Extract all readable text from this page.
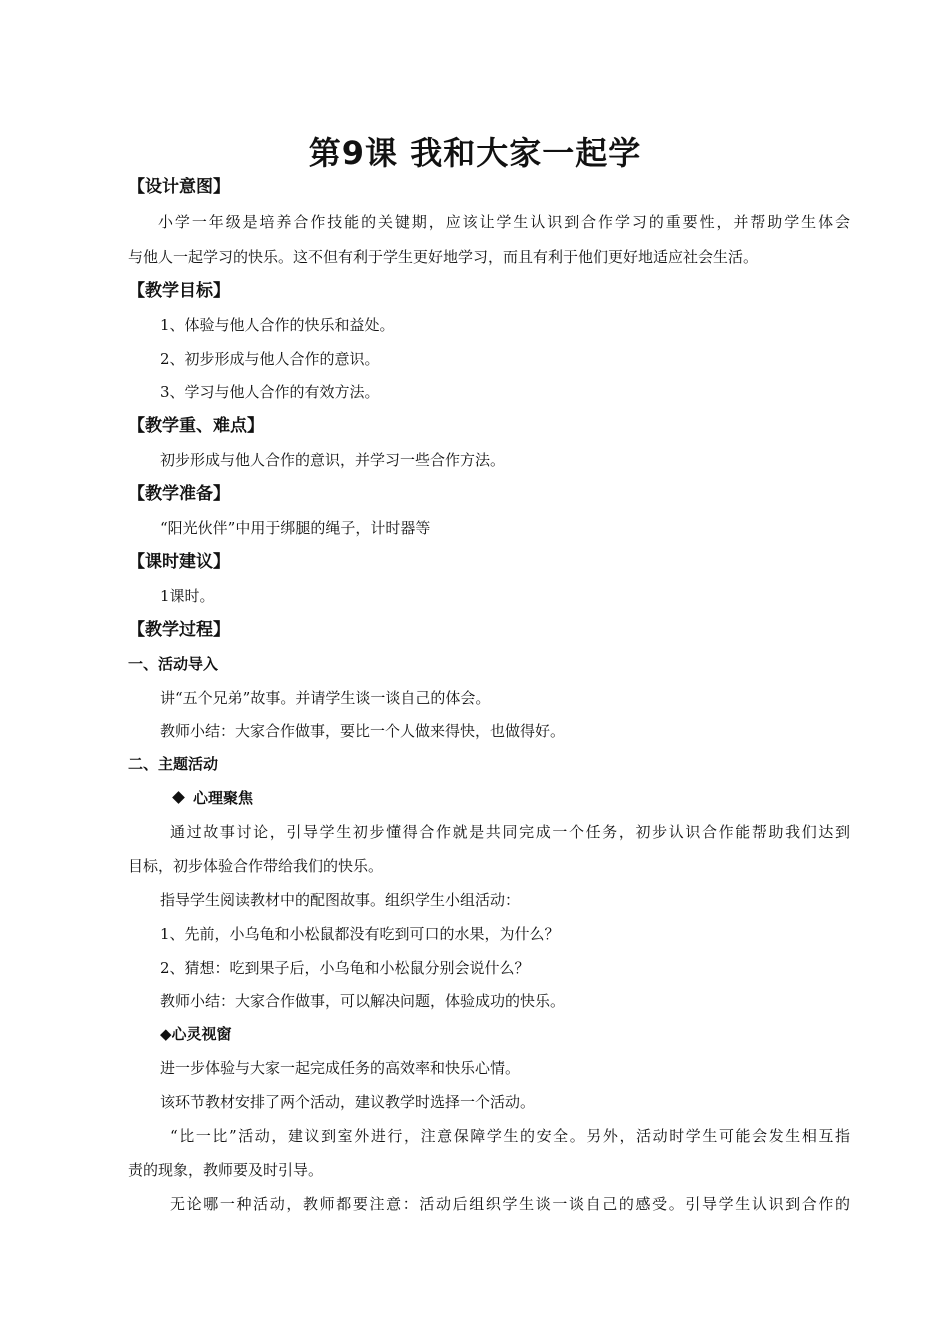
第9课 我和大家一起学
【设计意图】
小学一年级是培养合作技能的关键期，应该让学生认识到合作学习的重要性，并帮助学生体会
与他人一起学习的快乐。这不但有利于学生更好地学习，而且有利于他们更好地适应社会生活。
【教学目标】
1、体验与他人合作的快乐和益处。
2、初步形成与他人合作的意识。
3、学习与他人合作的有效方法。
【教学重、难点】
初步形成与他人合作的意识，并学习一些合作方法。
【教学准备】
“阳光伙伴”中用于绑腿的绳子，计时器等
【课时建议】
1课时。
【教学过程】
一、活动导入
讲“五个兄弟”故事。并请学生谈一谈自己的体会。
教师小结：大家合作做事，要比一个人做来得快，也做得好。
二、主题活动
心理聚焦
通过故事讨论，引导学生初步懂得合作就是共同完成一个任务，初步认识合作能帮助我们达到
目标，初步体验合作带给我们的快乐。
指导学生阅读教材中的配图故事。组织学生小组活动：
1、先前，小乌龟和小松鼠都没有吃到可口的水果，为什么？
2、猜想：吃到果子后，小乌龟和小松鼠分别会说什么？
教师小结：大家合作做事，可以解决问题，体验成功的快乐。
◆心灵视窗
进一步体验与大家一起完成任务的高效率和快乐心情。
该环节教材安排了两个活动，建议教学时选择一个活动。
“比一比”活动，建议到室外进行，注意保障学生的安全。另外，活动时学生可能会发生相互指
责的现象，教师要及时引导。
无论哪一种活动，教师都要注意：活动后组织学生谈一谈自己的感受。引导学生认识到合作的
